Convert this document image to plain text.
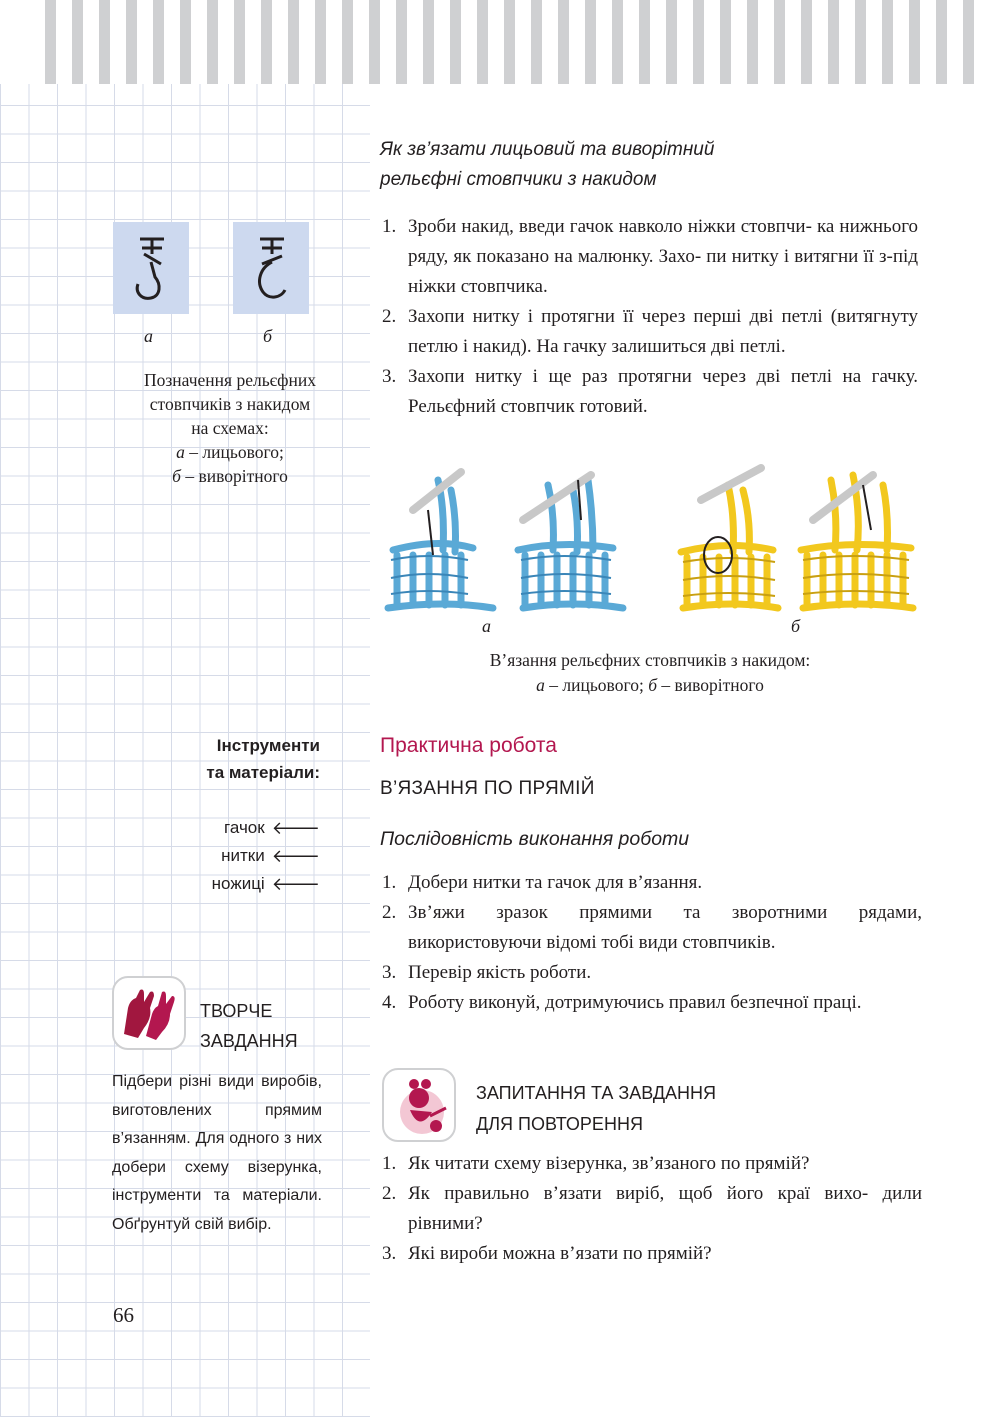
а	б
Позначення рельєфних
стовпчиків з накидом
на схемах:
а – лицьового;
б – виворітного
Як зв’язати лицьовий та виворітний
рельєфні стовпчики з накидом
1. Зроби накид, введи гачок навколо ніжки стовпчи- ка нижнього ряду, як показано на малюнку. Захо- пи нитку і витягни її з-під ніжки стовпчика.
2. Захопи нитку і протягни її через перші дві петлі (витягнуту петлю і накид). На гачку залишиться дві петлі.
3. Захопи нитку і ще раз протягни через дві петлі на гачку. Рельєфний стовпчик готовий.
а	б
В’язання рельєфних стовпчиків з накидом:
а – лицьового; б – виворітного
Інструменти
та матеріали:
гачок 🡐
нитки 🡐
ножиці 🡐
Практична робота
В’ЯЗАННЯ ПО ПРЯМІЙ
Послідовність виконання роботи
1. Добери нитки та гачок для в’язання.
2. Зв’яжи зразок прямими та зворотними рядами, використовуючи відомі тобі види стовпчиків.
3. Перевір якість роботи.
4. Роботу виконуй, дотримуючись правил безпечної праці.
ТВОРЧЕ
ЗАВДАННЯ
Підбери різні види виробів, виготовлених прямим в’язанням. Для одного з них добери схему візерунка, інструменти та матеріали. Обґрунтуй свій вибір.
ЗАПИТАННЯ ТА ЗАВДАННЯ
ДЛЯ ПОВТОРЕННЯ
1. Як читати схему візерунка, зв’язаного по прямій?
2. Як правильно в’язати виріб, щоб його краї вихо- дили рівними?
3. Які вироби можна в’язати по прямій?
66
